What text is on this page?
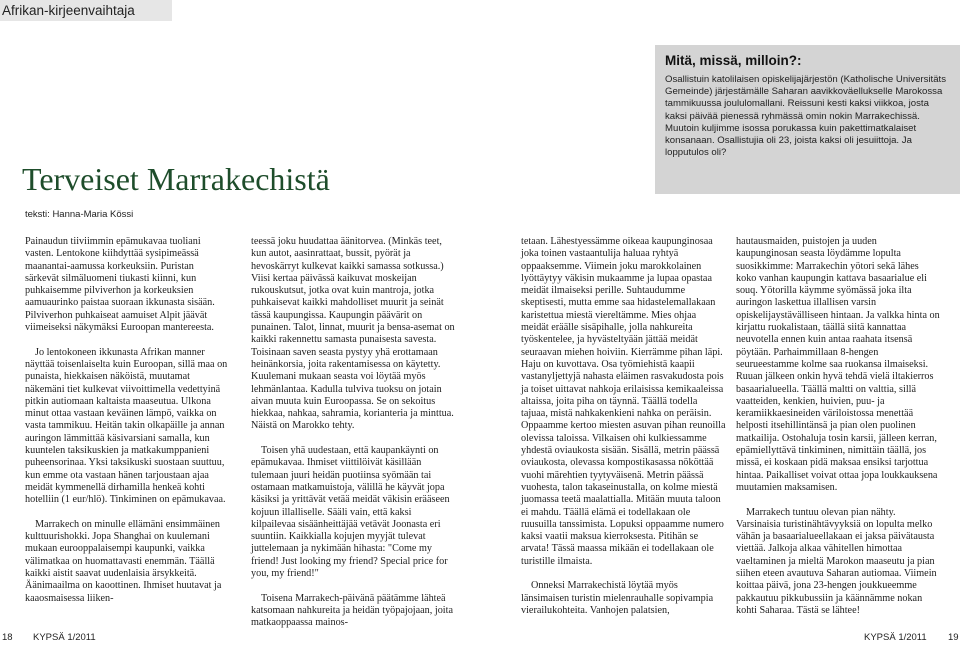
Afrikan-kirjeenvaihtaja
Terveiset Marrakechistä

Mitä, missä, milloin?:

Osallistuin katolilaisen opiskelijajärjestön (Katholische Universitäts Gemeinde) järjestämälle Saharan aavikkoväellukselle Marokossa tammikuussa joululomallani. Reissuni kesti kaksi viikkoa, josta kaksi päivää pienessä ryhmässä omin nokin Marrakechissä. Muutoin kuljimme isossa porukassa kuin pakettimatkalaiset konsanaan. Osallistujia oli 23, joista kaksi oli jesuiittoja. Ja lopputulos oli?

teksti: Hanna-Maria Kössi

Painaudun tiiviimmin epämukavaa tuoliani vasten. Lentokone kiihdyttää sysipimeässä maanantai-aamussa korkeuksiin. Puristan särkevät silmäluomeni tiukasti kiinni, kun puhkaisemme pilviverhon ja korkeuksien aamuaurinko paistaa suoraan ikkunasta sisään. Pilviverhon puhkaiseat aamuiset Alpit jäävät viimeiseksi näkymäksi Euroopan mantereesta.

Jo lentokoneen ikkunasta Afrikan manner näyttää toisenlaiselta kuin Euroopan, sillä maa on punaista, hiekkaisen näköistä, muutamat näkemäni tiet kulkevat viivoittimella vedettyinä pitkin autiomaan kaltaista maaseutua. Ulkona minut ottaa vastaan keväinen lämpö, vaikka on vasta tammikuu. Heitän takin olkapäille ja annan auringon lämmittää käsivarsiani samalla, kun kuuntelen taksikuskien ja matkakumppanieni puheensorinaa. Yksi taksikuski suostaan suuttuu, kun emme ota vastaan hänen tarjoustaan ajaa meidät kymmenellä dirhamilla henkeä kohti hotelliin (1 eur/hlö). Tinkiminen on epämukavaa.

Marrakech on minulle ellämäni ensimmäinen kulttuurishokki. Jopa Shanghai on kuulemani mukaan eurooppalaisempi kaupunki, vaikka välimatkaa on huomattavasti enemmän. Täällä kaikki aistit saavat uudenlaisia ärsykkeitä. Äänimaailma on kaoottinen. Ihmiset huutavat ja kaaosmaisessa liiken-

teessä joku huudattaa äänitorvea. (Minkäs teet, kun autot, aasinrattaat, bussit, pyörät ja hevoskärryt kulkevat kaikki samassa sotkussa.) Viisi kertaa päivässä kaikuvat moskeijan rukouskutsut, jotka ovat kuin mantroja, jotka puhkaisevat kaikki mahdolliset muurit ja seinät tässä kaupungissa. Kaupungin päävärit on punainen. Talot, linnat, muurit ja bensa-asemat on kaikki rakennettu samasta punaisesta savesta. Toisinaan saven seasta pystyy yhä erottamaan heinänkorsia, joita rakentamisessa on käytetty. Kuulemani mukaan seasta voi löytää myös lehmänlantaa. Kadulla tulviva tuoksu on jotain aivan muuta kuin Euroopassa. Se on sekoitus hiekkaa, nahkaa, sahramia, korianteria ja minttua. Näistä on Marokko tehty.

Toisen yhä uudestaan, että kaupankäynti on epämukavaa. Ihmiset viittilöivät käsillään tulemaan juuri heidän puotiinsa syömään tai ostamaan matkamuistoja, välillä he käyvät jopa käsiksi ja yrittävät vetää meidät väkisin erääseen kojuun illalliselle. Sääli vain, että kaksi kilpailevaa sisäänheittäjää vetävät Joonasta eri suuntiin. Kaikkialla kojujen myyjät tulevat juttelemaan ja nykimään hihasta: "Come my friend! Just looking my friend? Special price for you, my friend!"

Toisena Marrakech-päivänä päätämme lähteä katsomaan nahkureita ja heidän työpajojaan, joita matkaoppaassa mainos-

tetaan. Lähestyessämme oikeaa kaupunginosaa joka toinen vastaantulija haluaa ryhtyä oppaaksemme. Viimein joku marokkolainen lyöttäytyy väkisin mukaamme ja lupaa opastaa meidät ilmaiseksi perille. Suhtaudumme skeptisesti, mutta emme saa hidastelemallakaan karistettua miestä viereltämme. Mies ohjaa meidät eräälle sisäpihalle, jolla nahkureita työskentelee, ja hyvästeltyään jättää meidät seuraavan miehen hoiviin. Kierrämme pihan läpi. Haju on kuvottava. Osa työmiehistä kaapii vastanyljettyjä nahasta eläimen rasvakudosta pois ja toiset uittavat nahkoja erilaisissa kemikaaleissa altaissa, joita piha on täynnä. Täällä todella tajuaa, mistä nahkakenkieni nahka on peräisin. Oppaamme kertoo miesten asuvan pihan reunoilla olevissa taloissa. Vilkaisen ohi kulkiessamme yhdestä oviaukosta sisään. Sisällä, metrin päässä oviaukosta, olevassa kompostikasassa nököttää vuohi märehtien tyytyväisenä. Metrin päässä vuohesta, talon takaseinustalla, on kolme miestä juomassa teetä maalattialla. Mitään muuta taloon ei mahdu. Täällä elämä ei todellakaan ole ruusuilla tanssimista. Lopuksi oppaamme numero kaksi vaatii maksua kierroksesta. Pitihän se arvata! Tässä maassa mikään ei todellakaan ole turistille ilmaista.

Onneksi Marrakechistä löytää myös länsimaisen turistin mielenrauhalle sopivampia vierailukohteita. Vanhojen palatsien,

hautausmaiden, puistojen ja uuden kaupunginosan seasta löydämme lopulta suosikkimme: Marrakechin yötori sekä lähes koko vanhan kaupungin kattava basaarialue eli souq. Yötorilla käymme syömässä joka ilta auringon laskettua illallisen varsin opiskelijaystävälliseen hintaan. Ja valkka hinta on kirjattu ruokalistaan, täällä siitä kannattaa neuvotella ennen kuin antaa raahata itsensä pöytään. Parhaimmillaan 8-hengen seurueestamme kolme saa ruokansa ilmaiseksi. Ruuan jälkeen onkin hyvä tehdä vielä iltakierros basaarialueella. Täällä maltti on valttia, sillä vaatteiden, kenkien, huivien, puu- ja keramiikkaesineiden väriloistossa menettää helposti itsehillintänsä ja pian olen puolinen matkailija. Ostohaluja tosin karsii, jälleen kerran, epämiellyttävä tinkiminen, nimittäin täällä, jos missä, ei koskaan pidä maksaa ensiksi tarjottua hintaa. Paikalliset voivat ottaa jopa loukkauksena muutamien maksamisen.

Marrakech tuntuu olevan pian nähty. Varsinaisia turistinähtävyyksiä on lopulta melko vähän ja basaarialueellakaan ei jaksa päivätausta viettää. Jalkoja alkaa vähitellen himottaa vaeltaminen ja mieltä Marokon maaseutu ja pian siihen eteen avautuva Saharan autiomaa. Viimein koittaa päivä, jona 23-hengen joukkueemme pakkautuu pikkubussiin ja käännämme nokan kohti Saharaa. Tästä se lähtee!

18 KYPSÄ 1/2011	KYPSÄ 1/2011 19
